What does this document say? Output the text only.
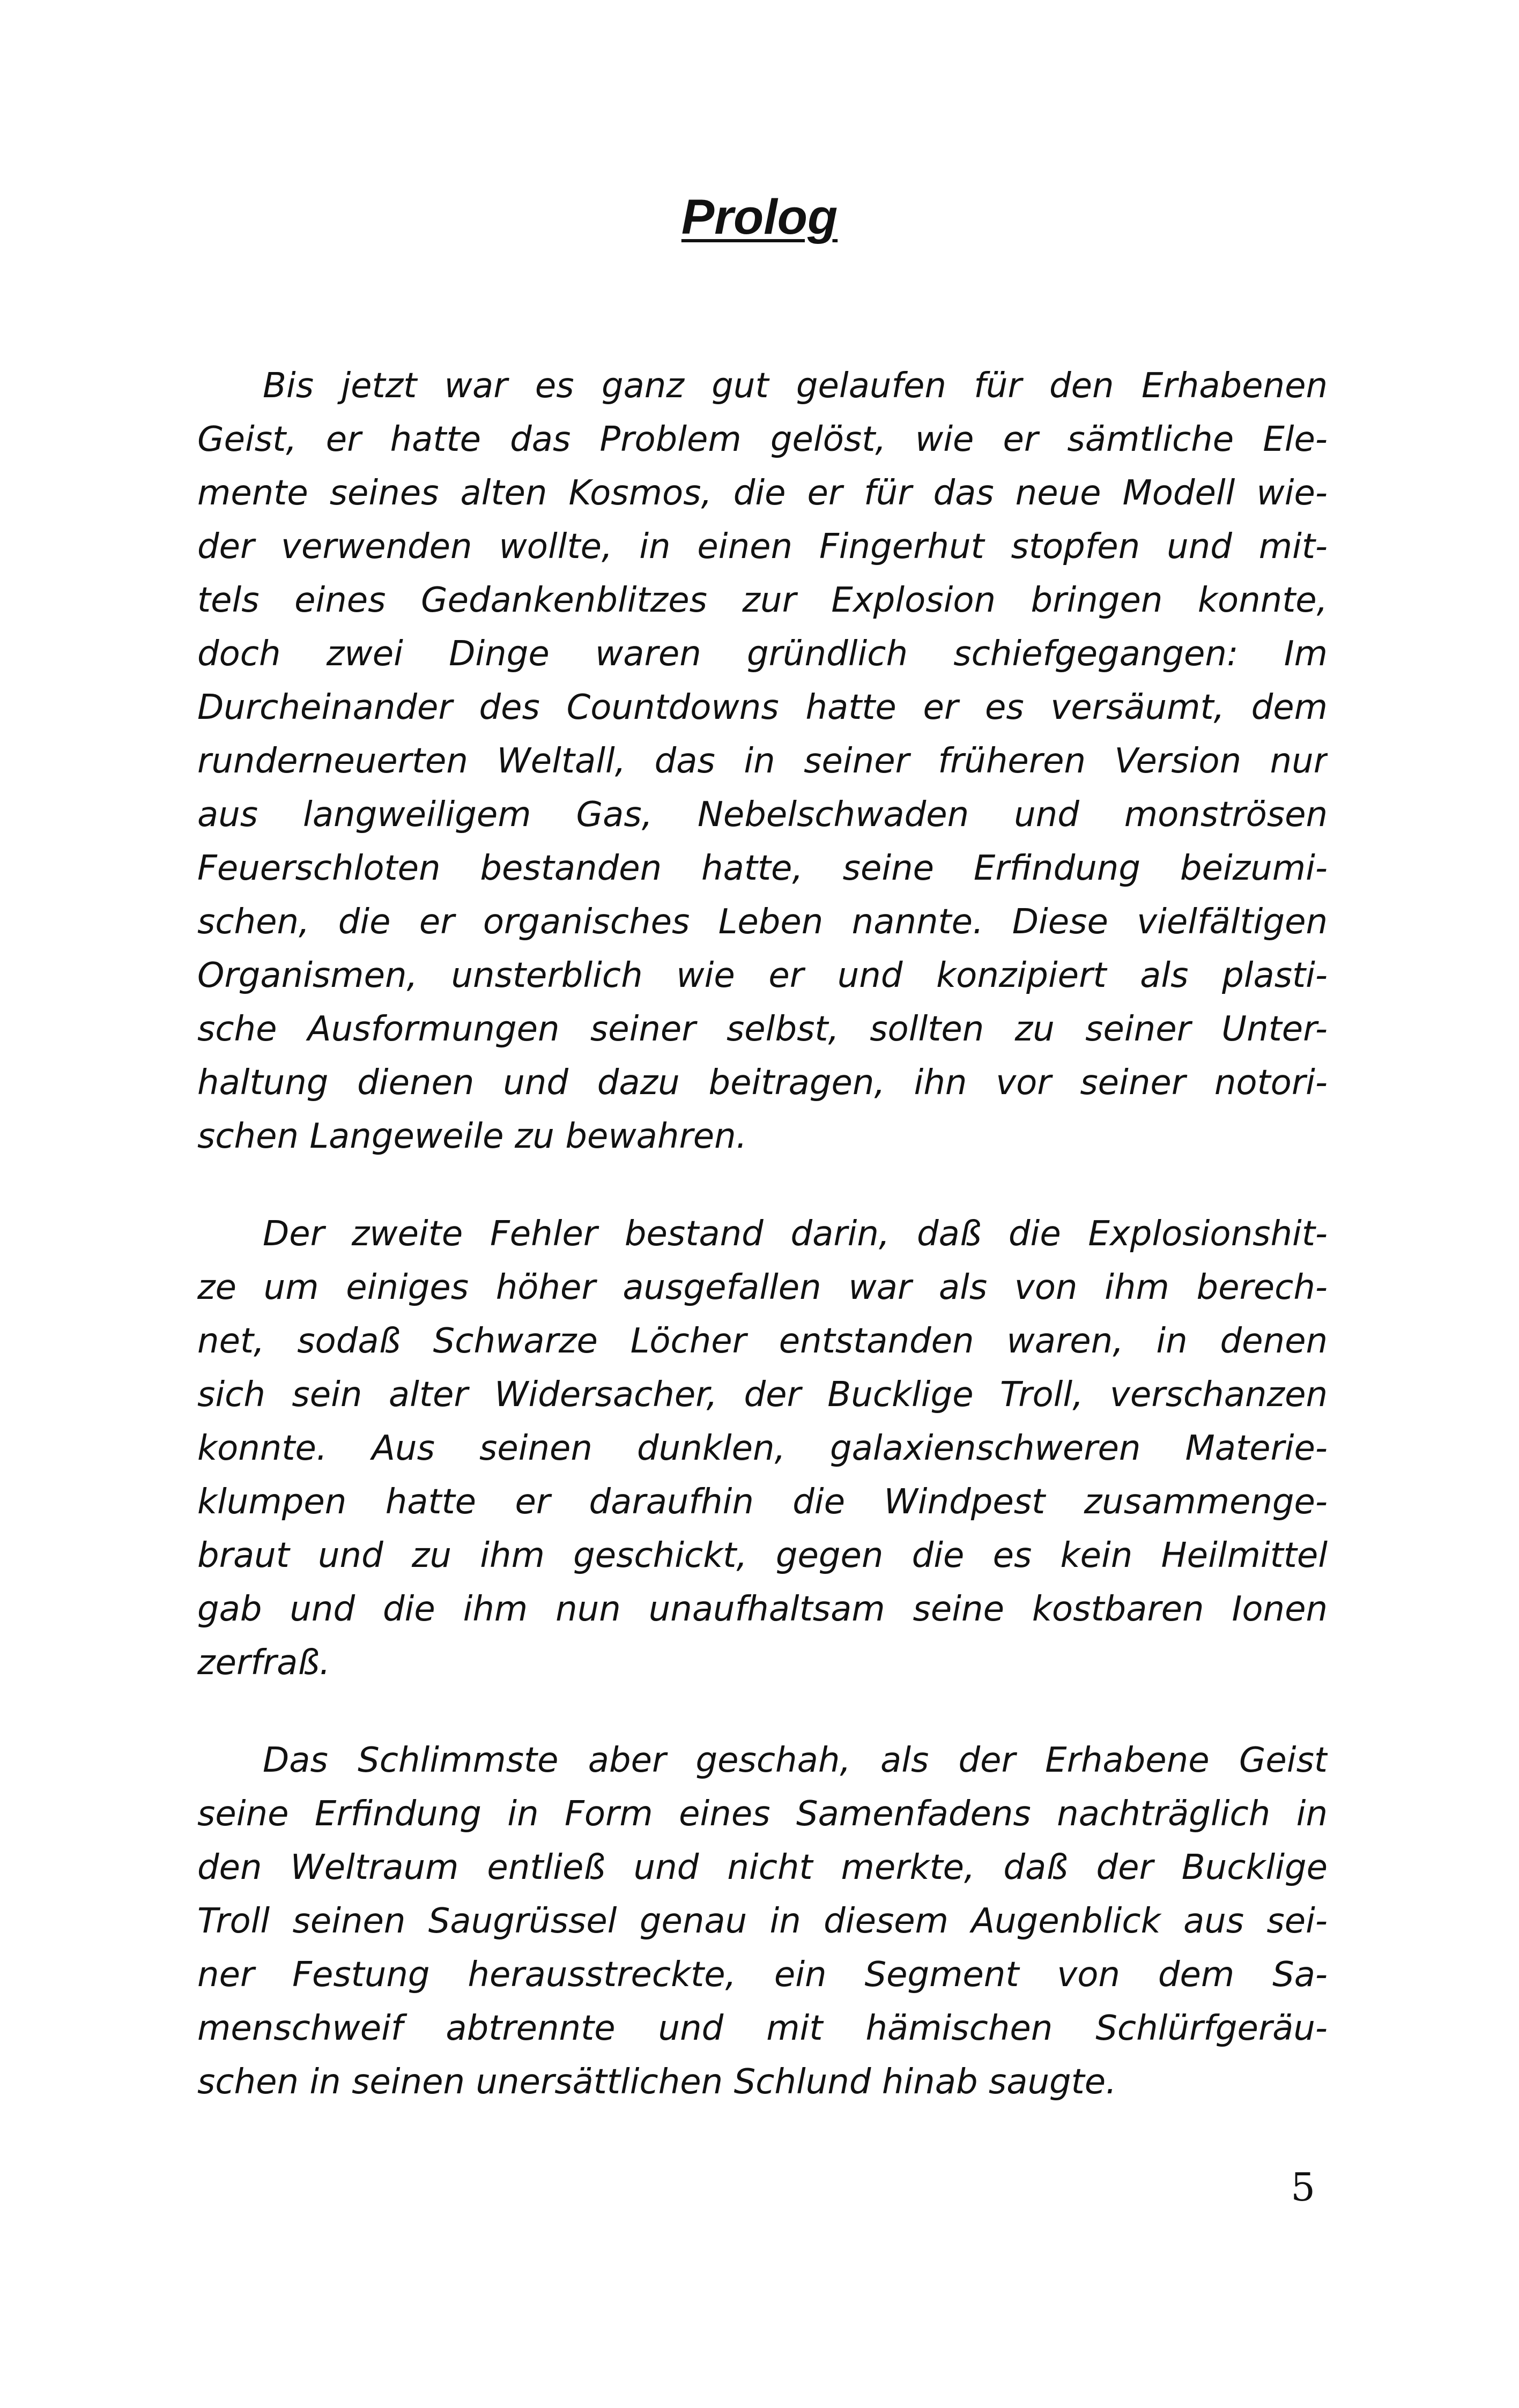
Prolog

Bis jetzt war es ganz gut gelaufen für den Erhabenen
Geist, er hatte das Problem gelöst, wie er sämtliche Ele-
mente seines alten Kosmos, die er für das neue Modell wie-
der verwenden wollte, in einen Fingerhut stopfen und mit-
tels eines Gedankenblitzes zur Explosion bringen konnte,
doch zwei Dinge waren gründlich schiefgegangen: Im
Durcheinander des Countdowns hatte er es versäumt, dem
runderneuerten Weltall, das in seiner früheren Version nur
aus langweiligem Gas, Nebelschwaden und monströsen
Feuerschloten bestanden hatte, seine Erfindung beizumi-
schen, die er organisches Leben nannte. Diese vielfältigen
Organismen, unsterblich wie er und konzipiert als plasti-
sche Ausformungen seiner selbst, sollten zu seiner Unter-
haltung dienen und dazu beitragen, ihn vor seiner notori-
schen Langeweile zu bewahren.

Der zweite Fehler bestand darin, daß die Explosionshit-
ze um einiges höher ausgefallen war als von ihm berech-
net, sodaß Schwarze Löcher entstanden waren, in denen
sich sein alter Widersacher, der Bucklige Troll, verschanzen
konnte. Aus seinen dunklen, galaxienschweren Materie-
klumpen hatte er daraufhin die Windpest zusammenge-
braut und zu ihm geschickt, gegen die es kein Heilmittel
gab und die ihm nun unaufhaltsam seine kostbaren Ionen
zerfraß.

Das Schlimmste aber geschah, als der Erhabene Geist
seine Erfindung in Form eines Samenfadens nachträglich in
den Weltraum entließ und nicht merkte, daß der Bucklige
Troll seinen Saugrüssel genau in diesem Augenblick aus sei-
ner Festung herausstreckte, ein Segment von dem Sa-
menschweif abtrennte und mit hämischen Schlürfgeräu-
schen in seinen unersättlichen Schlund hinab saugte.

5
